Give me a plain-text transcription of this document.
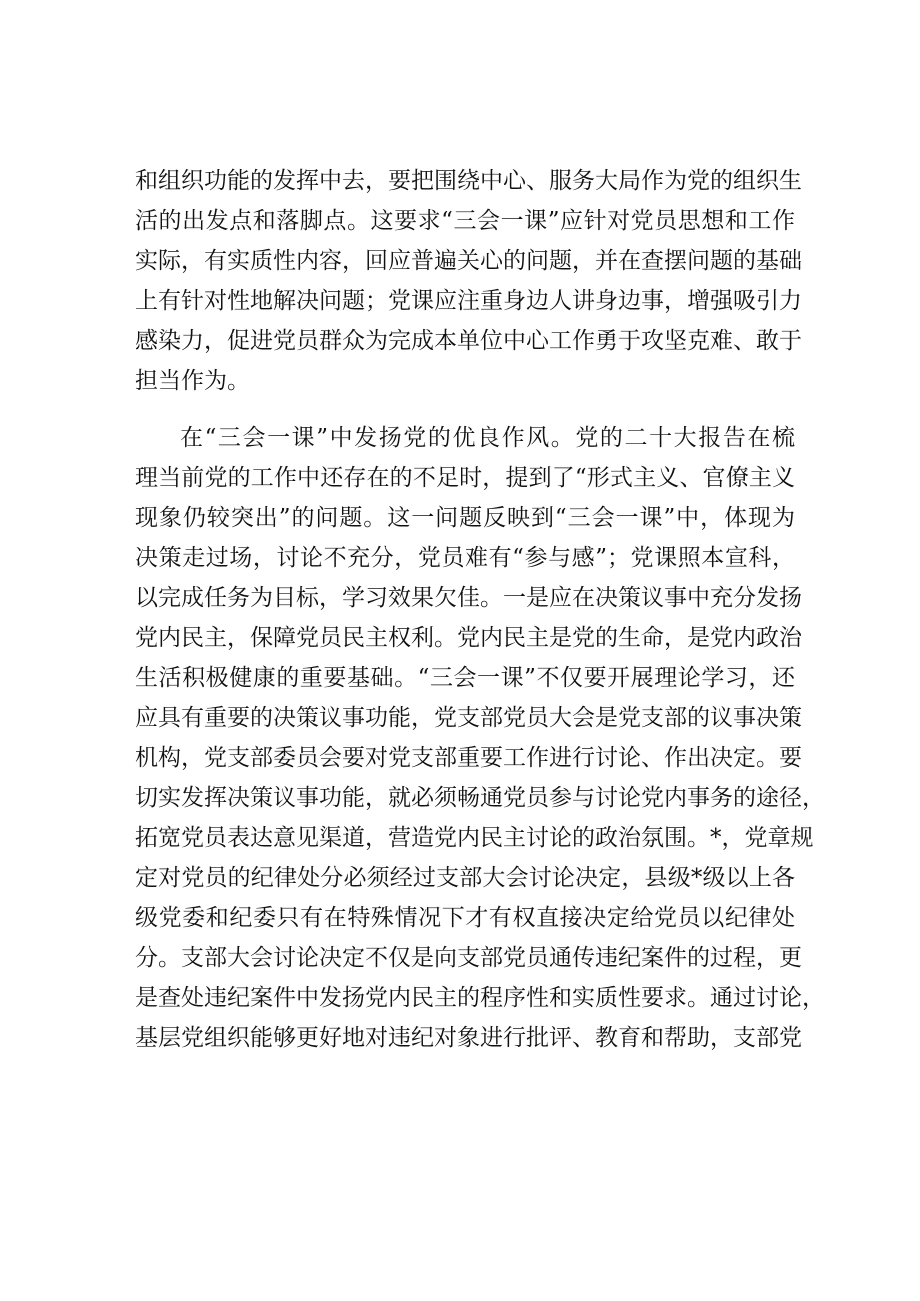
和组织功能的发挥中去，要把围绕中心、服务大局作为党的组织生
活的出发点和落脚点。这要求“三会一课”应针对党员思想和工作
实际，有实质性内容，回应普遍关心的问题，并在查摆问题的基础
上有针对性地解决问题；党课应注重身边人讲身边事，增强吸引力
感染力，促进党员群众为完成本单位中心工作勇于攻坚克难、敢于
担当作为。
在“三会一课”中发扬党的优良作风。党的二十大报告在梳
理当前党的工作中还存在的不足时，提到了“形式主义、官僚主义
现象仍较突出”的问题。这一问题反映到“三会一课”中，体现为
决策走过场，讨论不充分，党员难有“参与感”；党课照本宣科，
以完成任务为目标，学习效果欠佳。一是应在决策议事中充分发扬
党内民主，保障党员民主权利。党内民主是党的生命，是党内政治
生活积极健康的重要基础。“三会一课”不仅要开展理论学习，还
应具有重要的决策议事功能，党支部党员大会是党支部的议事决策
机构，党支部委员会要对党支部重要工作进行讨论、作出决定。要
切实发挥决策议事功能，就必须畅通党员参与讨论党内事务的途径，
拓宽党员表达意见渠道，营造党内民主讨论的政治氛围。*，党章规
定对党员的纪律处分必须经过支部大会讨论决定，县级*级以上各
级党委和纪委只有在特殊情况下才有权直接决定给党员以纪律处
分。支部大会讨论决定不仅是向支部党员通传违纪案件的过程，更
是查处违纪案件中发扬党内民主的程序性和实质性要求。通过讨论，
基层党组织能够更好地对违纪对象进行批评、教育和帮助，支部党
